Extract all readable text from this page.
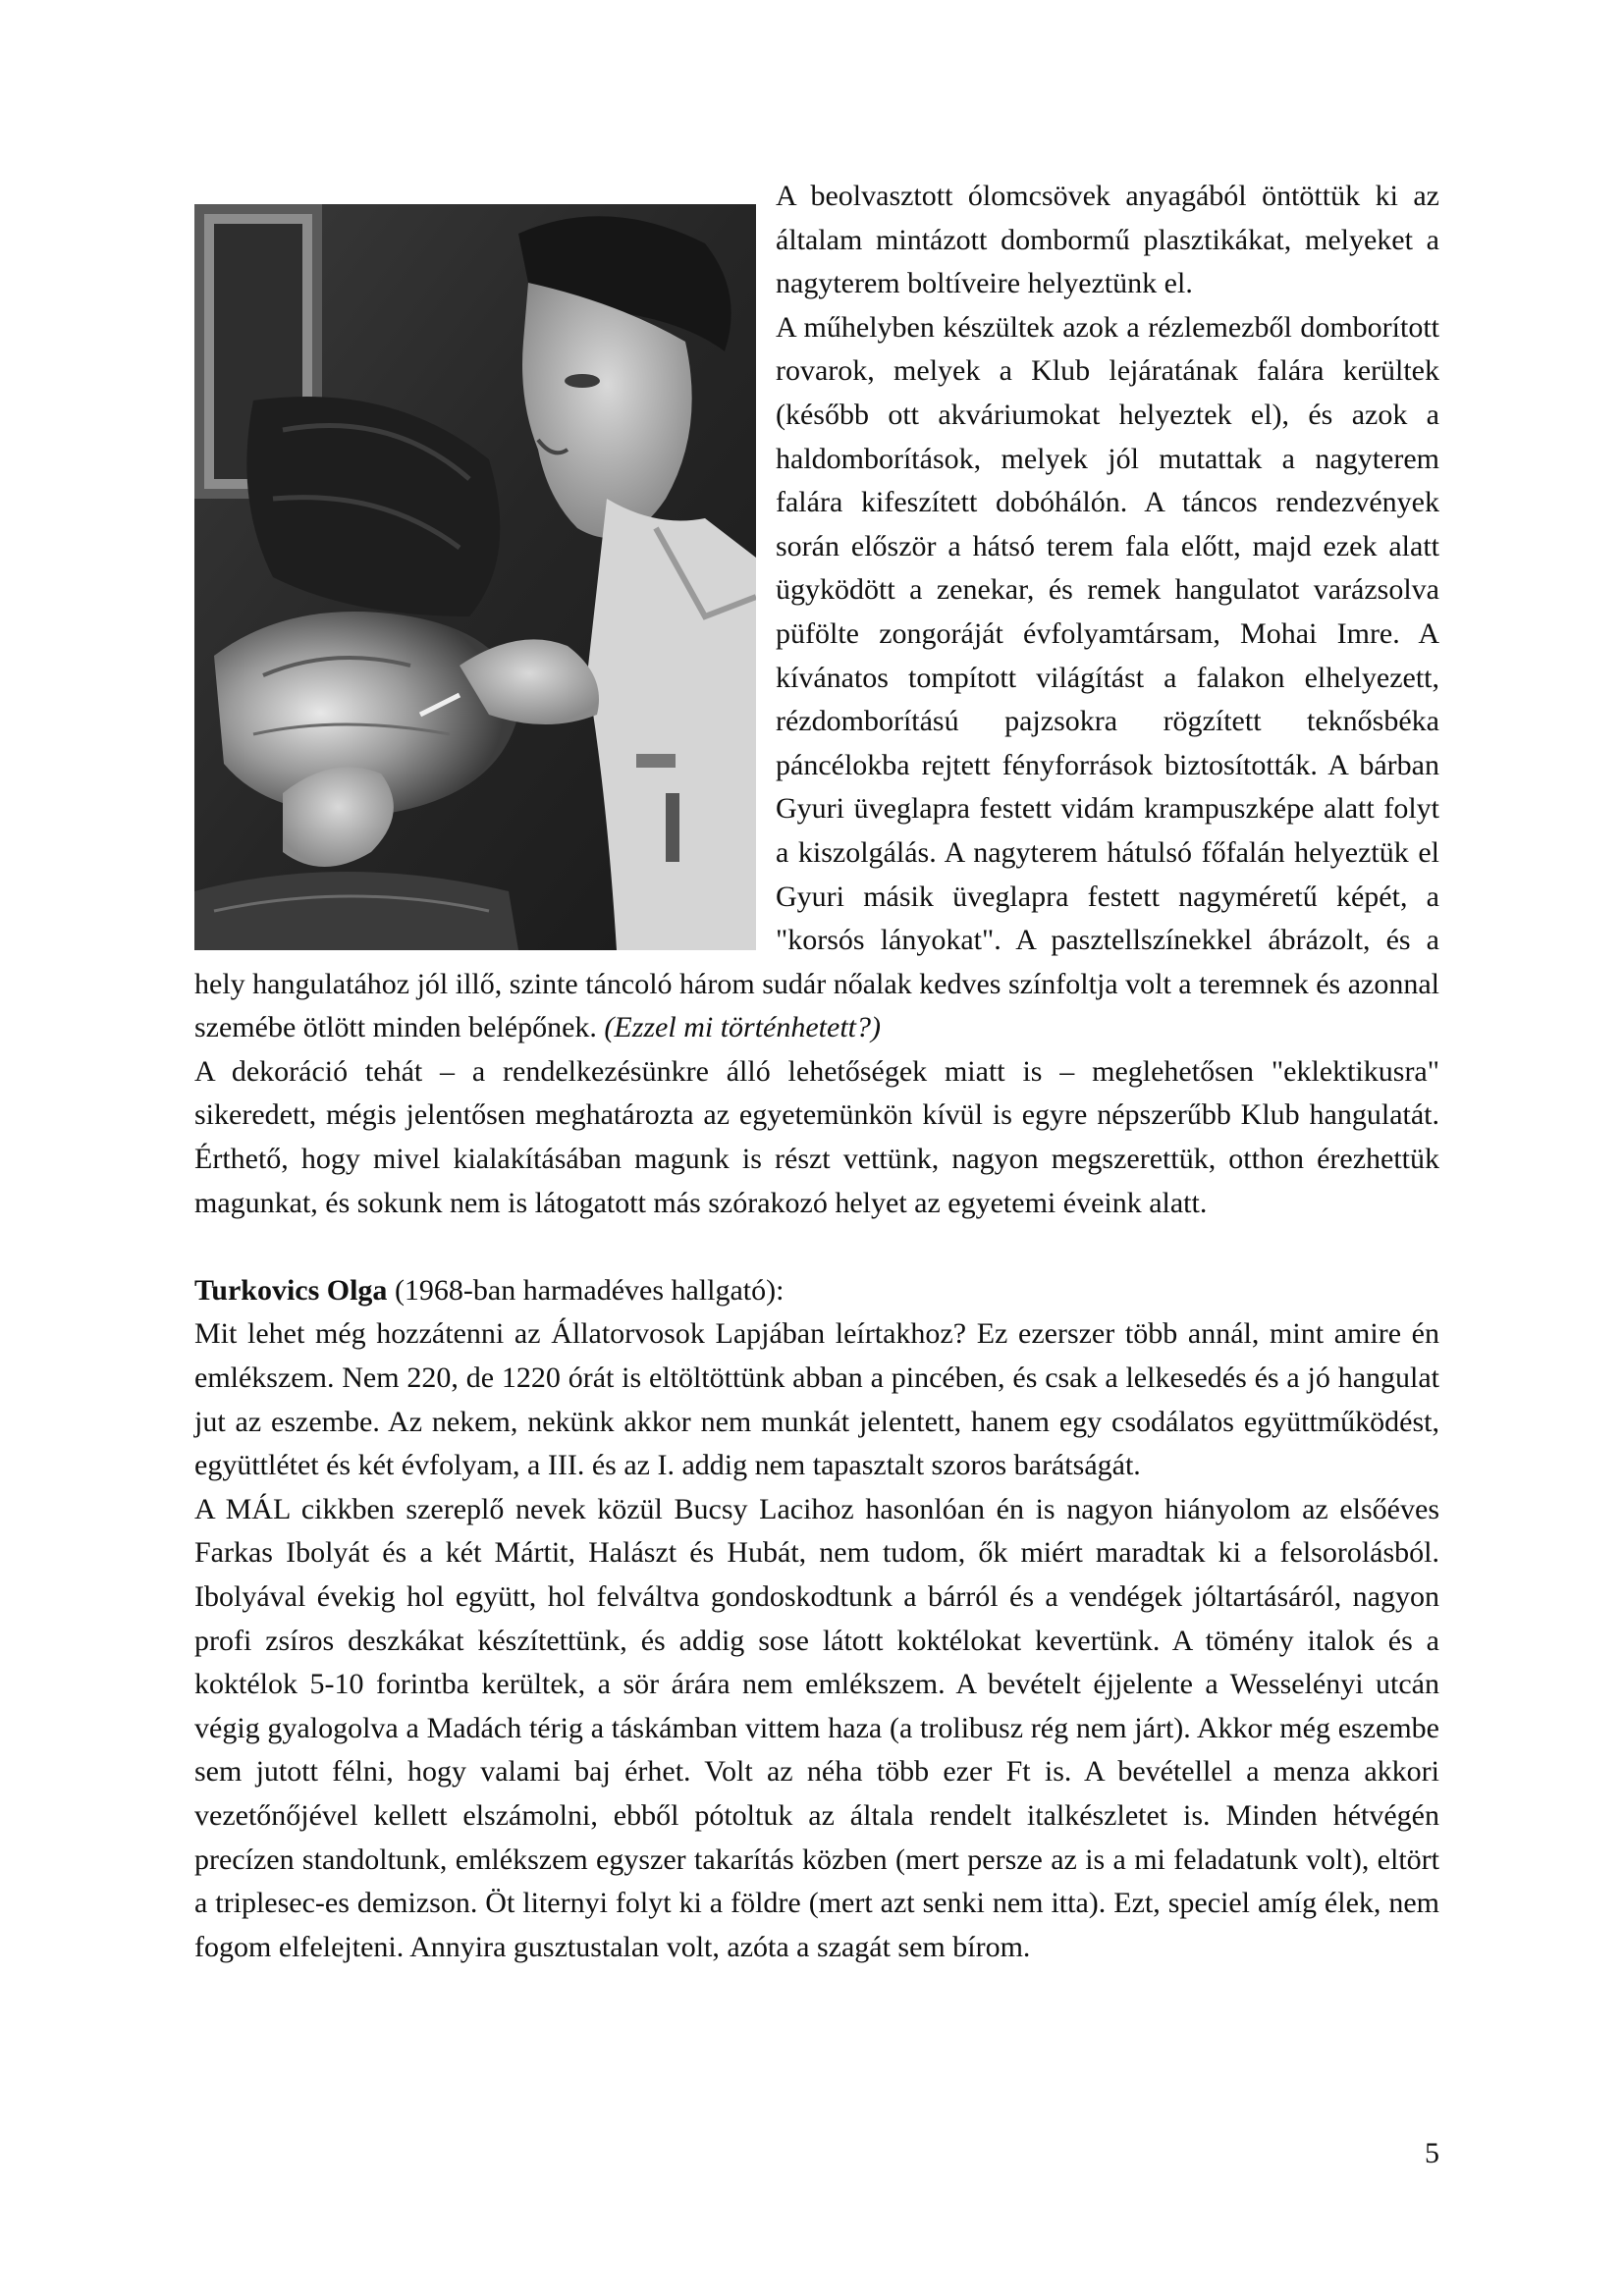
A beolvasztott ólomcsövek anyagából öntöttük ki az általam mintázott dombormű plasztikákat, melyeket a nagyterem boltíveire helyeztünk el.

A műhelyben készültek azok a rézlemezből domborított rovarok, melyek a Klub lejáratának falára kerültek (később ott akváriumokat helyeztek el), és azok a haldomborítások, melyek jól mutattak a nagyterem falára kifeszített dobóhálón. A táncos rendezvények során először a hátsó terem fala előtt, majd ezek alatt ügyködött a zenekar, és remek hangulatot varázsolva püfölte zongoráját évfolyamtársam, Mohai Imre. A kívánatos tompított világítást a falakon elhelyezett, rézdomborítású pajzsokra rögzített teknősbéka páncélokba rejtett fényforrások biztosították. A bárban Gyuri üveglapra festett vidám krampuszképe alatt folyt a kiszolgálás. A nagyterem hátulsó főfalán helyeztük el Gyuri másik üveglapra festett nagyméretű képét, a "korsós lányokat". A pasztellszínekkel ábrázolt, és a hely hangulatához jól illő, szinte táncoló három sudár nőalak kedves színfoltja volt a teremnek és azonnal szemébe ötlött minden belépőnek. (Ezzel mi történhetett?)

A dekoráció tehát – a rendelkezésünkre álló lehetőségek miatt is – meglehetősen "eklektikusra" sikeredett, mégis jelentősen meghatározta az egyetemünkön kívül is egyre népszerűbb Klub hangulatát. Érthető, hogy mivel kialakításában magunk is részt vettünk, nagyon megszerettük, otthon érezhettük magunkat, és sokunk nem is látogatott más szórakozó helyet az egyetemi éveink alatt.

Turkovics Olga (1968-ban harmadéves hallgató):

Mit lehet még hozzátenni az Állatorvosok Lapjában leírtakhoz? Ez ezerszer több annál, mint amire én emlékszem. Nem 220, de 1220 órát is eltöltöttünk abban a pincében, és csak a lelkesedés és a jó hangulat jut az eszembe. Az nekem, nekünk akkor nem munkát jelentett, hanem egy csodálatos együttműködést, együttlétet és két évfolyam, a III. és az I. addig nem tapasztalt szoros barátságát.

A MÁL cikkben szereplő nevek közül Bucsy Lacihoz hasonlóan én is nagyon hiányolom az elsőéves Farkas Ibolyát és a két Mártit, Halászt és Hubát, nem tudom, ők miért maradtak ki a felsorolásból. Ibolyával évekig hol együtt, hol felváltva gondoskodtunk a bárról és a vendégek jóltartásáról, nagyon profi zsíros deszkákat készítettünk, és addig sose látott koktélokat kevertünk. A tömény italok és a koktélok 5-10 forintba kerültek, a sör árára nem emlékszem. A bevételt éjjelente a Wesselényi utcán végig gyalogolva a Madách térig a táskámban vittem haza (a trolibusz rég nem járt). Akkor még eszembe sem jutott félni, hogy valami baj érhet. Volt az néha több ezer Ft is. A bevétellel a menza akkori vezetőnőjével kellett elszámolni, ebből pótoltuk az általa rendelt italkészletet is. Minden hétvégén precízen standoltunk, emlékszem egyszer takarítás közben (mert persze az is a mi feladatunk volt), eltört a triplesec-es demizson. Öt liternyi folyt ki a földre (mert azt senki nem itta). Ezt, speciel amíg élek, nem fogom elfelejteni. Annyira gusztustalan volt, azóta a szagát sem bírom.

5
